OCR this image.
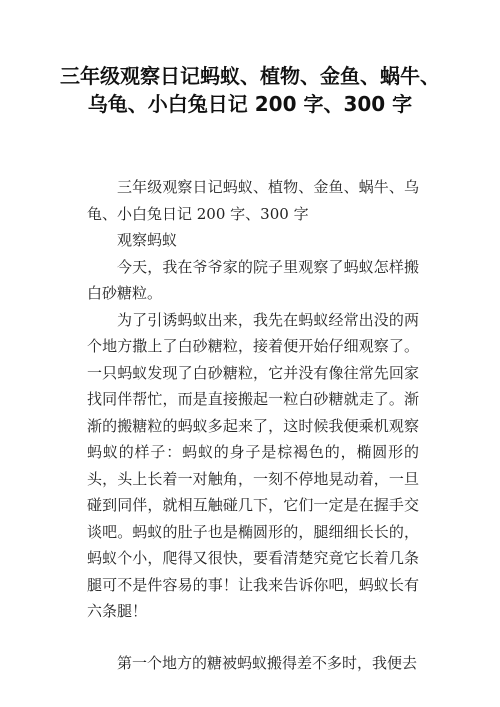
三年级观察日记蚂蚁、植物、金鱼、蜗牛、乌龟、小白兔日记 200 字、300 字

三年级观察日记蚂蚁、植物、金鱼、蜗牛、乌龟、小白兔日记 200 字、300 字

观察蚂蚁

今天，我在爷爷家的院子里观察了蚂蚁怎样搬白砂糖粒。

为了引诱蚂蚁出来，我先在蚂蚁经常出没的两个地方撒上了白砂糖粒，接着便开始仔细观察了。一只蚂蚁发现了白砂糖粒，它并没有像往常先回家找同伴帮忙，而是直接搬起一粒白砂糖就走了。渐渐的搬糖粒的蚂蚁多起来了，这时候我便乘机观察蚂蚁的样子：蚂蚁的身子是棕褐色的，椭圆形的头，头上长着一对触角，一刻不停地晃动着，一旦碰到同伴，就相互触碰几下，它们一定是在握手交谈吧。蚂蚁的肚子也是椭圆形的，腿细细长长的，蚂蚁个小，爬得又很快，要看清楚究竟它长着几条腿可不是件容易的事！让我来告诉你吧，蚂蚁长有六条腿！

第一个地方的糖被蚂蚁搬得差不多时，我便去
